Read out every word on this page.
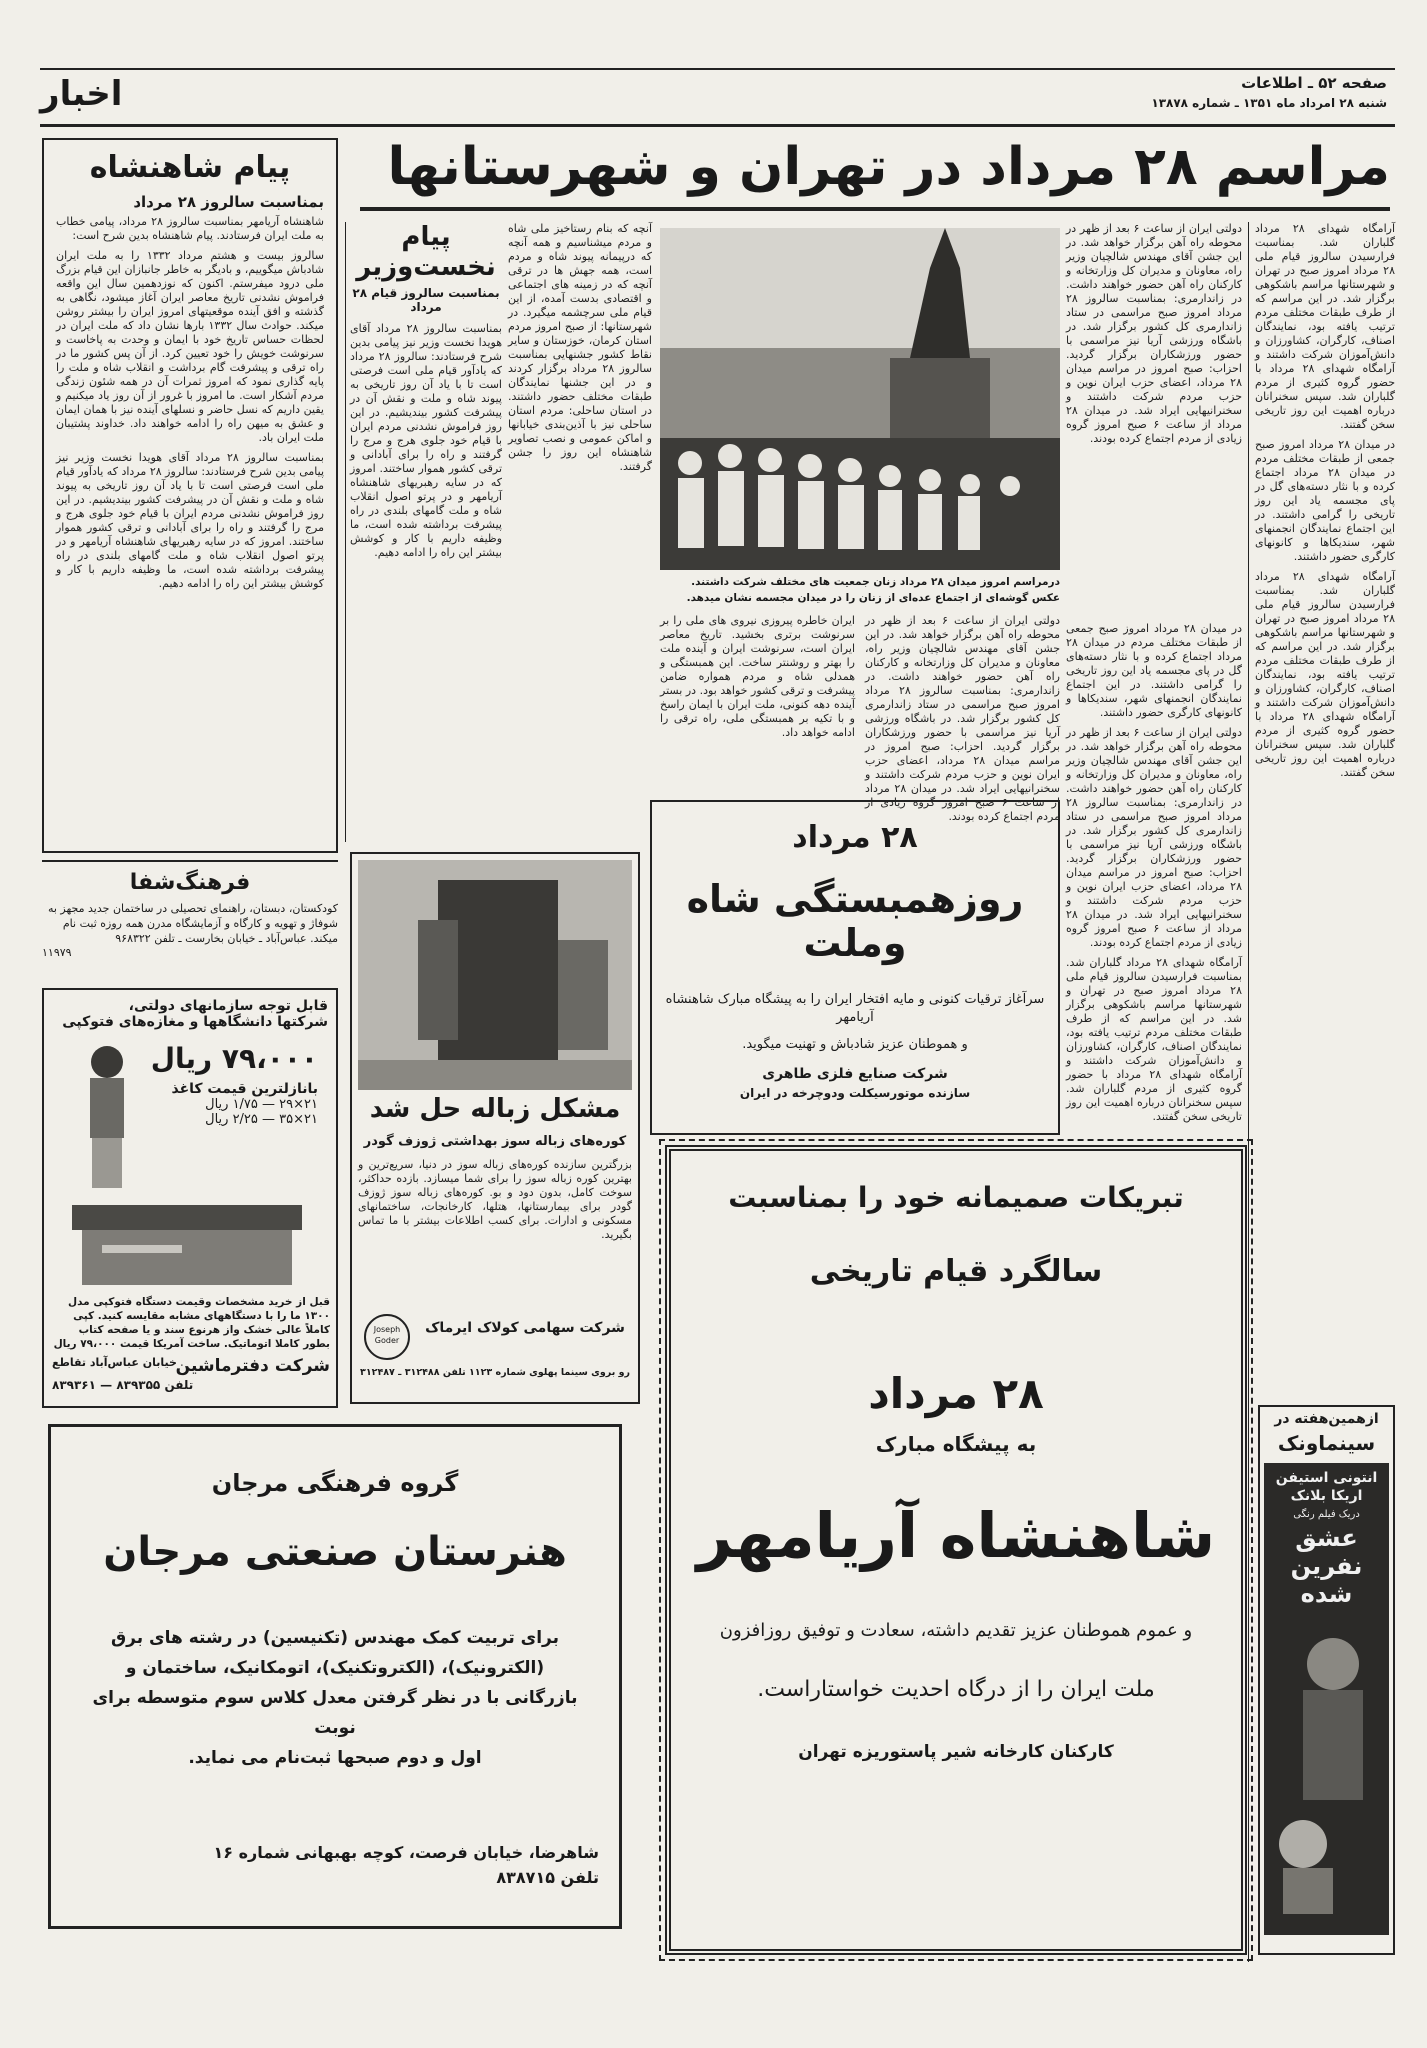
اخبار	صفحه ۵۲ ـ اطلاعات
شنبه ۲۸ امرداد ماه ۱۳۵۱ ـ شماره ۱۳۸۷۸
مراسم ۲۸ مرداد در تهران و شهرستانها

آرامگاه شهدای ۲۸ مرداد گلباران شد. بمناسبت فرارسیدن سالروز قیام ملی ۲۸ مرداد امروز صبح در تهران و شهرستانها مراسم باشکوهی برگزار شد. در این مراسم که از طرف طبقات مختلف مردم ترتیب یافته بود، نمایندگان اصناف، کارگران، کشاورزان و دانش‌آموزان شرکت داشتند و آرامگاه شهدای ۲۸ مرداد با حضور گروه کثیری از مردم گلباران شد. سپس سخنرانان درباره اهمیت این روز تاریخی سخن گفتند.

در میدان ۲۸ مرداد امروز صبح جمعی از طبقات مختلف مردم در میدان ۲۸ مرداد اجتماع کرده و با نثار دسته‌های گل در پای مجسمه یاد این روز تاریخی را گرامی داشتند. در این اجتماع نمایندگان انجمنهای شهر، سندیکاها و کانونهای کارگری حضور داشتند.

آرامگاه شهدای ۲۸ مرداد گلباران شد. بمناسبت فرارسیدن سالروز قیام ملی ۲۸ مرداد امروز صبح در تهران و شهرستانها مراسم باشکوهی برگزار شد. در این مراسم که از طرف طبقات مختلف مردم ترتیب یافته بود، نمایندگان اصناف، کارگران، کشاورزان و دانش‌آموزان شرکت داشتند و آرامگاه شهدای ۲۸ مرداد با حضور گروه کثیری از مردم گلباران شد. سپس سخنرانان درباره اهمیت این روز تاریخی سخن گفتند.

دولتی ایران از ساعت ۶ بعد از ظهر در محوطه راه آهن برگزار خواهد شد. در این جشن آقای مهندس شالچیان وزیر راه، معاونان و مدیران کل وزارتخانه و کارکنان راه آهن حضور خواهند داشت. در زاندارمری: بمناسبت سالروز ۲۸ مرداد امروز صبح مراسمی در ستاد زاندارمری کل کشور برگزار شد. در باشگاه ورزشی آریا نیز مراسمی با حضور ورزشکاران برگزار گردید. احزاب: صبح امروز در مراسم میدان ۲۸ مرداد، اعضای حزب ایران نوین و حزب مردم شرکت داشتند و سخنرانیهایی ایراد شد. در میدان ۲۸ مرداد از ساعت ۶ صبح امروز گروه زیادی از مردم اجتماع کرده بودند.

درمراسم امروز میدان ۲۸ مرداد زنان جمعیت های مختلف شرکت داشتند. عکس گوشه‌ای از اجتماع عده‌ای از زنان را در میدان مجسمه نشان میدهد.

آنچه که بنام رستاخیز ملی شاه و مردم میشناسیم و همه آنچه که درپیمانه پیوند شاه و مردم است، همه جهش ها در ترقی آنچه که در زمینه های اجتماعی و اقتصادی بدست آمده، از این قیام ملی سرچشمه میگیرد. در شهرستانها: از صبح امروز مردم استان کرمان، خوزستان و سایر نقاط کشور جشنهایی بمناسبت سالروز ۲۸ مرداد برگزار کردند و در این جشنها نمایندگان طبقات مختلف حضور داشتند. در استان ساحلی: مردم استان ساحلی نیز با آذین‌بندی خیابانها و اماکن عمومی و نصب تصاویر شاهنشاه این روز را جشن گرفتند.

ایران خاطره پیروزی نیروی های ملی را بر سرنوشت برتری بخشید. تاریخ معاصر ایران است، سرنوشت ایران و آینده ملت را بهتر و روشنتر ساخت. این همبستگی و همدلی شاه و مردم همواره ضامن پیشرفت و ترقی کشور خواهد بود. در بستر آینده دهه کنونی، ملت ایران با ایمان راسخ و با تکیه بر همبستگی ملی، راه ترقی را ادامه خواهد داد.

دولتی ایران از ساعت ۶ بعد از ظهر در محوطه راه آهن برگزار خواهد شد. در این جشن آقای مهندس شالچیان وزیر راه، معاونان و مدیران کل وزارتخانه و کارکنان راه آهن حضور خواهند داشت. در زاندارمری: بمناسبت سالروز ۲۸ مرداد امروز صبح مراسمی در ستاد زاندارمری کل کشور برگزار شد. در باشگاه ورزشی آریا نیز مراسمی با حضور ورزشکاران برگزار گردید. احزاب: صبح امروز در مراسم میدان ۲۸ مرداد، اعضای حزب ایران نوین و حزب مردم شرکت داشتند و سخنرانیهایی ایراد شد. در میدان ۲۸ مرداد از ساعت ۶ صبح امروز گروه زیادی از مردم اجتماع کرده بودند.

در میدان ۲۸ مرداد امروز صبح جمعی از طبقات مختلف مردم در میدان ۲۸ مرداد اجتماع کرده و با نثار دسته‌های گل در پای مجسمه یاد این روز تاریخی را گرامی داشتند. در این اجتماع نمایندگان انجمنهای شهر، سندیکاها و کانونهای کارگری حضور داشتند.

دولتی ایران از ساعت ۶ بعد از ظهر در محوطه راه آهن برگزار خواهد شد. در این جشن آقای مهندس شالچیان وزیر راه، معاونان و مدیران کل وزارتخانه و کارکنان راه آهن حضور خواهند داشت. در زاندارمری: بمناسبت سالروز ۲۸ مرداد امروز صبح مراسمی در ستاد زاندارمری کل کشور برگزار شد. در باشگاه ورزشی آریا نیز مراسمی با حضور ورزشکاران برگزار گردید. احزاب: صبح امروز در مراسم میدان ۲۸ مرداد، اعضای حزب ایران نوین و حزب مردم شرکت داشتند و سخنرانیهایی ایراد شد. در میدان ۲۸ مرداد از ساعت ۶ صبح امروز گروه زیادی از مردم اجتماع کرده بودند.

آرامگاه شهدای ۲۸ مرداد گلباران شد. بمناسبت فرارسیدن سالروز قیام ملی ۲۸ مرداد امروز صبح در تهران و شهرستانها مراسم باشکوهی برگزار شد. در این مراسم که از طرف طبقات مختلف مردم ترتیب یافته بود، نمایندگان اصناف، کارگران، کشاورزان و دانش‌آموزان شرکت داشتند و آرامگاه شهدای ۲۸ مرداد با حضور گروه کثیری از مردم گلباران شد. سپس سخنرانان درباره اهمیت این روز تاریخی سخن گفتند.

۲۸ مرداد
روزهمبستگی شاه وملت
سرآغاز ترقیات کنونی و مایه افتخار ایران را به پیشگاه مبارک شاهنشاه آریامهر
و هموطنان عزیز شادباش و تهنیت میگوید.
شرکت صنایع فلزی طاهری
سازنده موتورسیکلت ودوچرخه در ایران
پیام
نخست‌وزیر
بمناسبت سالروز قیام ۲۸ مرداد
بمناسبت سالروز ۲۸ مرداد آقای هویدا نخست وزیر نیز پیامی بدین شرح فرستادند: سالروز ۲۸ مرداد که یادآور قیام ملی است فرصتی است تا با یاد آن روز تاریخی به پیوند شاه و ملت و نقش آن در پیشرفت کشور بیندیشیم. در این روز فراموش نشدنی مردم ایران با قیام خود جلوی هرج و مرج را گرفتند و راه را برای آبادانی و ترقی کشور هموار ساختند. امروز که در سایه رهبریهای شاهنشاه آریامهر و در پرتو اصول انقلاب شاه و ملت گامهای بلندی در راه پیشرفت برداشته شده است، ما وظیفه داریم با کار و کوشش بیشتر این راه را ادامه دهیم.
پیام شاهنشاه
بمناسبت سالروز ۲۸ مرداد
شاهنشاه آریامهر بمناسبت سالروز ۲۸ مرداد، پیامی خطاب به ملت ایران فرستادند. پیام شاهنشاه بدین شرح است:
سالروز بیست و هشتم مرداد ۱۳۳۲ را به ملت ایران شادباش میگوییم، و بادیگر به خاطر جانبازان این قیام بزرگ ملی درود میفرستم. اکنون که نوزدهمین سال این واقعه فراموش نشدنی تاریخ معاصر ایران آغاز میشود، نگاهی به گذشته و افق آینده موقعیتهای امروز ایران را بیشتر روشن میکند. حوادث سال ۱۳۳۲ بارها نشان داد که ملت ایران در لحظات حساس تاریخ خود با ایمان و وحدت به پاخاست و سرنوشت خویش را خود تعیین کرد. از آن پس کشور ما در راه ترقی و پیشرفت گام برداشت و انقلاب شاه و ملت را پایه گذاری نمود که امروز ثمرات آن در همه شئون زندگی مردم آشکار است. ما امروز با غرور از آن روز یاد میکنیم و یقین داریم که نسل حاضر و نسلهای آینده نیز با همان ایمان و عشق به میهن راه را ادامه خواهند داد. خداوند پشتیبان ملت ایران باد.
بمناسبت سالروز ۲۸ مرداد آقای هویدا نخست وزیر نیز پیامی بدین شرح فرستادند: سالروز ۲۸ مرداد که یادآور قیام ملی است فرصتی است تا با یاد آن روز تاریخی به پیوند شاه و ملت و نقش آن در پیشرفت کشور بیندیشیم. در این روز فراموش نشدنی مردم ایران با قیام خود جلوی هرج و مرج را گرفتند و راه را برای آبادانی و ترقی کشور هموار ساختند. امروز که در سایه رهبریهای شاهنشاه آریامهر و در پرتو اصول انقلاب شاه و ملت گامهای بلندی در راه پیشرفت برداشته شده است، ما وظیفه داریم با کار و کوشش بیشتر این راه را ادامه دهیم.
فرهنگ‌شفا
کودکستان، دبستان، راهنمای تحصیلی در ساختمان جدید مجهز به شوفاژ و تهویه و کارگاه و آزمایشگاه مدرن همه روزه ثبت نام میکند. عباس‌آباد ـ خیابان بخارست ـ تلفن ۹۶۸۳۲۲
۱۱۹۷۹
قابل توجه سازمانهای دولتی،
شرکتها دانشگاهها و مغازه‌های فتوکپی
۷۹،۰۰۰ ریال
بانازلترین قیمت کاغذ
۲۱×۲۹ — ۱/۷۵ ریال
۲۱×۳۵ — ۲/۲۵ ریال
قبل از خرید مشخصات وقیمت دستگاه فتوکپی مدل ۱۳۰۰ ما را با دستگاههای مشابه مقایسه کنید. کپی کاملاً عالی خشک واز هرنوع سند و یا صفحه کتاب بطور کاملا اتوماتیک. ساخت آمریکا قیمت ۷۹،۰۰۰ ریال
شرکت دفترماشین
خیابان عباس‌آباد تقاطع
تلفن ۸۳۹۳۵۵ — ۸۳۹۳۶۱
مشکل زباله حل شد
کوره‌های زباله سوز بهداشتی ژوزف گودر
بزرگترین سازنده کوره‌های زباله سوز در دنیا، سریع‌ترین و بهترین کوره زباله سوز را برای شما میسازد. بازده حداکثر، سوخت کامل، بدون دود و بو. کوره‌های زباله سوز ژوزف گودر برای بیمارستانها، هتلها، کارخانجات، ساختمانهای مسکونی و ادارات. برای کسب اطلاعات بیشتر با ما تماس بگیرید.
Joseph Goder
شرکت سهامی کولاک ایرماک
رو بروی سینما پهلوی شماره ۱۱۲۳ تلفن ۳۱۲۴۸۸ ـ ۳۱۲۴۸۷
تبریکات صمیمانه خود را بمناسبت
سالگرد قیام تاریخی
۲۸ مرداد
به پیشگاه مبارک
شاهنشاه آریامهر
و عموم هموطنان عزیز تقدیم داشته، سعادت و توفیق روزافزون
ملت ایران را از درگاه احدیت خواستاراست.
کارکنان کارخانه شیر پاستوریزه تهران
گروه فرهنگی مرجان
هنرستان صنعتی مرجان
برای تربیت کمک مهندس (تکنیسین) در رشته های برق
(الکترونیک)، (الکتروتکنیک)، اتومکانیک، ساختمان و
بازرگانی با در نظر گرفتن معدل کلاس سوم متوسطه برای نوبت
اول و دوم صبحها ثبت‌نام می نماید.
شاهرضا، خیابان فرصت، کوچه بهبهانی شماره ۱۶
تلفن ۸۳۸۷۱۵
ازهمین‌هفته در
سینماونک
انتونی استیفن اریکا بلانک
دریک فیلم رنگی
عشق نفرین شده
